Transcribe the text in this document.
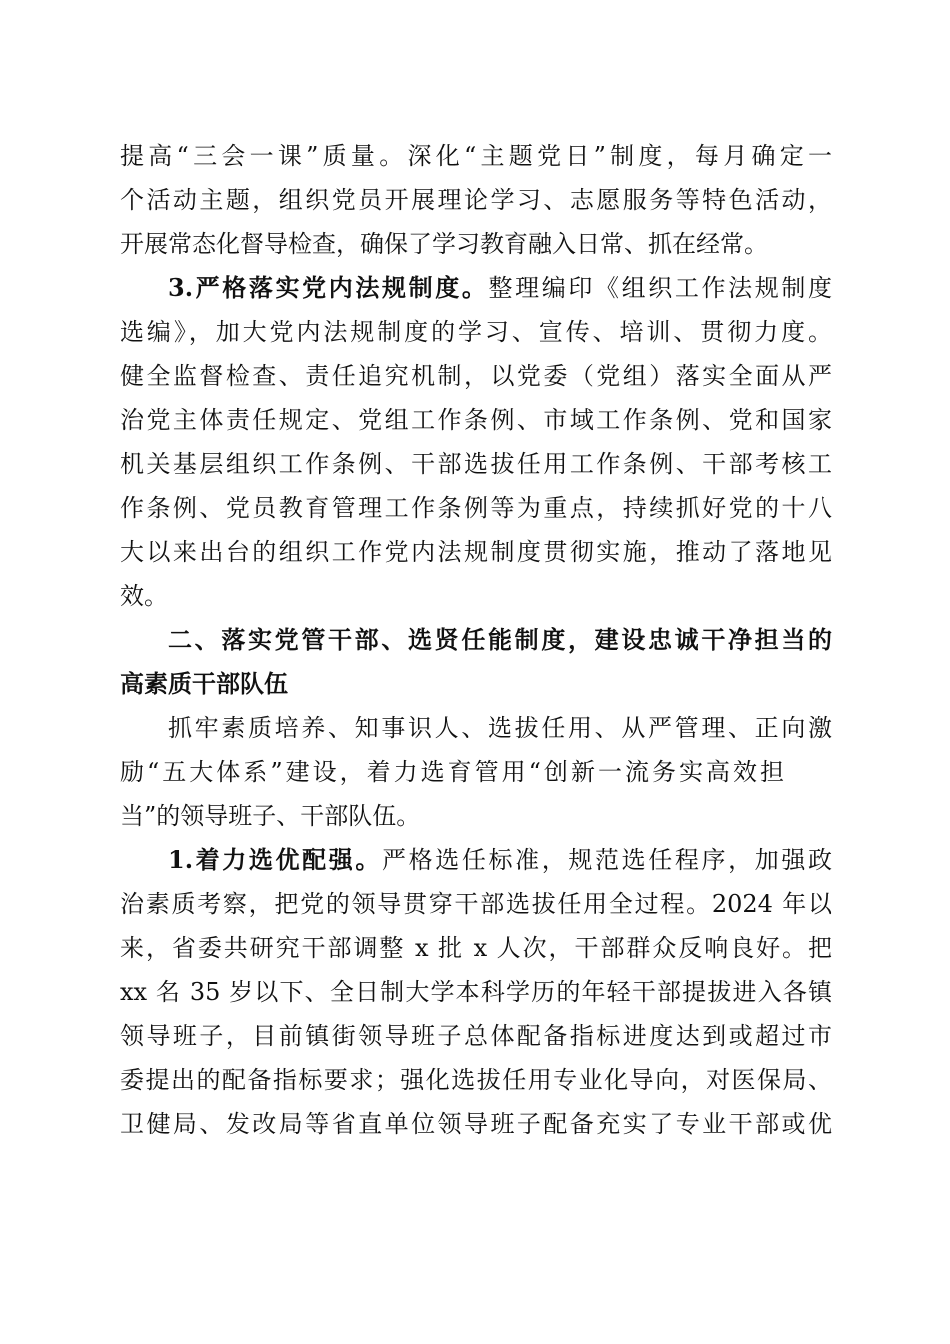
提高“三会一课”质量。深化“主题党日”制度，每月确定一
个活动主题，组织党员开展理论学习、志愿服务等特色活动，
开展常态化督导检查，确保了学习教育融入日常、抓在经常。
3.严格落实党内法规制度。整理编印《组织工作法规制度
选编》，加大党内法规制度的学习、宣传、培训、贯彻力度。
健全监督检查、责任追究机制，以党委（党组）落实全面从严
治党主体责任规定、党组工作条例、市域工作条例、党和国家
机关基层组织工作条例、干部选拔任用工作条例、干部考核工
作条例、党员教育管理工作条例等为重点，持续抓好党的十八
大以来出台的组织工作党内法规制度贯彻实施，推动了落地见
效。
二、落实党管干部、选贤任能制度，建设忠诚干净担当的
高素质干部队伍
抓牢素质培养、知事识人、选拔任用、从严管理、正向激
励“五大体系”建设，着力选育管用“创新一流务实高效担
当”的领导班子、干部队伍。
1.着力选优配强。严格选任标准，规范选任程序，加强政
治素质考察，把党的领导贯穿干部选拔任用全过程。2024 年以
来，省委共研究干部调整 x 批 x 人次，干部群众反响良好。把
xx 名 35 岁以下、全日制大学本科学历的年轻干部提拔进入各镇
领导班子，目前镇街领导班子总体配备指标进度达到或超过市
委提出的配备指标要求；强化选拔任用专业化导向，对医保局、
卫健局、发改局等省直单位领导班子配备充实了专业干部或优
